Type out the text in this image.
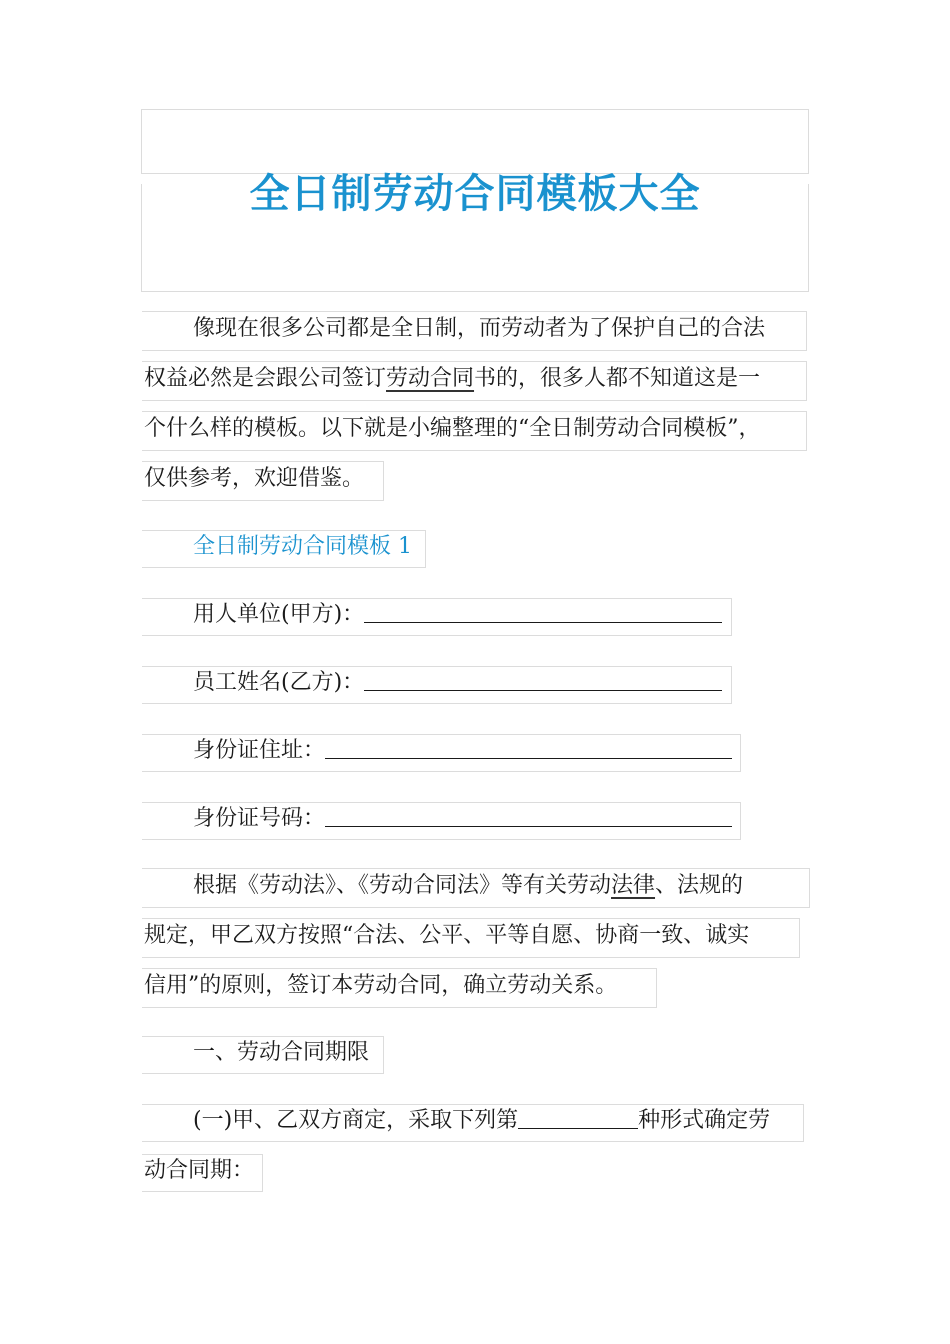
全日制劳动合同模板大全
像现在很多公司都是全日制，而劳动者为了保护自己的合法
权益必然是会跟公司签订劳动合同书的，很多人都不知道这是一
个什么样的模板。以下就是小编整理的“全日制劳动合同模板”，
仅供参考，欢迎借鉴。
全日制劳动合同模板 1
用人单位(甲方)：
员工姓名(乙方)：
身份证住址：
身份证号码：
根据《劳动法》、《劳动合同法》等有关劳动法律、法规的
规定，甲乙双方按照“合法、公平、平等自愿、协商一致、诚实
信用”的原则，签订本劳动合同，确立劳动关系。
一、劳动合同期限
(一)甲、乙双方商定，采取下列第	种形式确定劳
动合同期：
